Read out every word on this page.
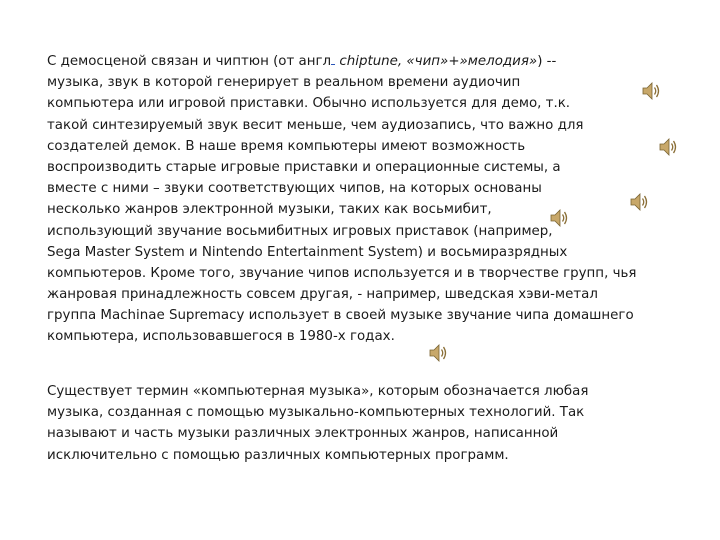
С демосценой связан и чиптюн (от англ chiptune, «чип»+»мелодия») --
музыка, звук в которой генерирует в реальном времени аудиочип
компьютера или игровой приставки. Обычно используется для демо, т.к.
такой синтезируемый звук весит меньше, чем аудиозапись, что важно для
создателей демок. В наше время компьютеры имеют возможность
воспроизводить старые игровые приставки и операционные системы, а
вместе с ними – звуки соответствующих чипов, на которых основаны
несколько жанров электронной музыки, таких как восьмибит,
использующий звучание восьмибитных игровых приставок (например,
Sega Master System и Nintendo Entertainment System) и восьмиразрядных
компьютеров. Кроме того, звучание чипов используется и в творчестве групп, чья
жанровая принадлежность совсем другая, - например, шведская хэви-метал
группа Machinae Supremacy использует в своей музыке звучание чипа домашнего
компьютера, использовавшегося в 1980-х годах.

Существует термин «компьютерная музыка», которым обозначается любая
музыка, созданная с помощью музыкально-компьютерных технологий. Так
называют и часть музыки различных электронных жанров, написанной
исключительно с помощью различных компьютерных программ.
